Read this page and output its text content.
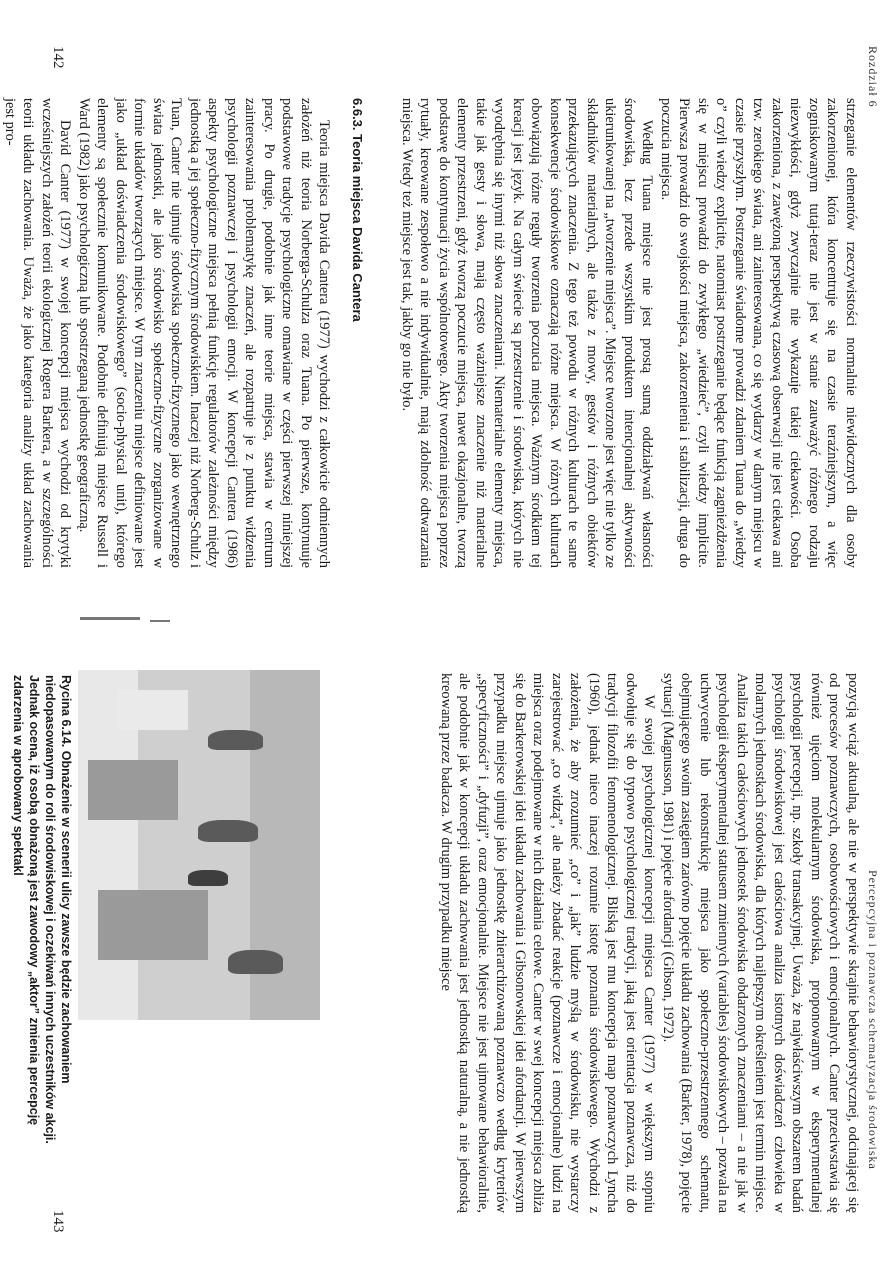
Rozdział 6

strzeganie elementów rzeczywistości normalnie niewidocznych dla osoby zakorzenionej, która koncentruje się na czasie teraźniejszym, a więc zogniskowanym tutaj-teraz nie jest w stanie zauważyć różnego rodzaju niezwykłości, gdyż zwyczajnie nie wykazuje takiej ciekawości. Osoba zakorzeniona, z zawężoną perspektywą czasową obserwacji nie jest ciekawa ani tzw. zerokiego świata, ani zainteresowana, co się wydarzy w danym miejscu w czasie przyszłym. Postrzeganie świadome prowadzi zdaniem Tuana do „wiedzy o” czyli wiedzy explicite, natomiast postrzeganie będące funkcją zagnieżdżenia się w miejscu prowadzi do zwykłego „wiedzieć”, czyli wiedzy implicite. Pierwsza prowadzi do swojskości miejsca, zakorzenienia i stabilizacji, druga do poczucia miejsca.

Według Tuana miejsce nie jest prostą sumą oddziaływań własności środowiska, lecz przede wszystkim produktem intencjonalnej aktywności ukierunkowanej na „tworzenie miejsca”. Miejsce tworzone jest więc nie tylko ze składników materialnych, ale także z mowy, gestów i różnych obiektów przekazujących znaczenia. Z tego też powodu w różnych kulturach te same konsekwencje środowiskowe oznaczają różne miejsca. W różnych kulturach obowiązują różne reguły tworzenia poczucia miejsca. Ważnym środkiem tej kreacji jest język. Na całym świecie są przestrzenie i środowiska, których nie wyodrębnia się inymi niż słowa znaczeniami. Niematerialne elementy miejsca, takie jak gesty i słowa, mają często ważniejsze znaczenie niż materialne elementy przestrzeni, gdyż tworzą poczucie miejsca, nawet okazjonalne, tworzą podstawę do kontynuacji życia wspólnotowego. Akty tworzenia miejsca poprzez rytuały, kreowane zespołowo a nie indywidualnie, mają zdolność odtwarzania miejsca. Wtedy też miejsce jest tak, jakby go nie było.

6.6.3. Teoria miejsca Davida Cantera

Teoria miejsca Davida Cantera (1977) wychodzi z całkowicie odmiennych założeń niż teoria Norberga-Schulza oraz Tuana. Po pierwsze, kontynuuje podstawowe tradycje psychologiczne omawiane w części pierwszej niniejszej pracy. Po drugie, podobnie jak inne teorie miejsca, stawia w centrum zainteresowania problematykę znaczeń, ale rozpatruje je z punktu widzenia psychologii poznawczej i psychologii emocji. W koncepcji Cantera (1986) aspekty psychologiczne miejsca pełnią funkcję regulatorów zależności między jednostką a jej społeczno-fizycznym środowiskiem. Inaczej niż Norberg-Schulz i Tuan, Canter nie ujmuje środowiska społeczno-fizycznego jako wewnętrznego świata jednostki, ale jako środowisko społeczno-fizyczne zorganizowane w formie układów tworzących miejsce. W tym znaczeniu miejsce definiowane jest jako „układ doświadczenia środowiskowego” (socio-physical unit), którego elementy są społecznie komunikowane. Podobnie definiują miejsce Russell i Ward (1982) jako psychologiczną lub spostrzeganą jednostkę geograficzną.

David Canter (1977) w swojej koncepcji miejsca wychodzi od krytyki wcześniejszych założeń teorii ekologicznej Rogera Barkera, a w szczególności teorii układu zachowania. Uważa, że jako kategoria analizy układ zachowania jest pro-

142
Percepcyjna i poznawcza schematyzacja środowiska

pozycją wciąż aktualną, ale nie w perspektywie skrajnie behawiorystycznej, odcinającej się od procesów poznawczych, osobowościowych i emocjonalnych. Canter przeciwstawia się również ujęciom molekularnym środowiska, proponowanym w eksperymentalnej psychologii percepcji, np. szkoły transakcyjnej. Uważa, że najwłaściwszym obszarem badań psychologii środowiskowej jest całościowa analiza istotnych doświadczeń człowieka w molarnych jednostkach środowiska, dla których najlepszym określeniem jest termin miejsce. Analiza takich całościowych jednostek środowiska obdarzonych znaczeniami – a nie jak w psychologii eksperymentalnej statusem zmiennych (variables) środowiskowych – pozwala na uchwycenie lub rekonstrukcję miejsca jako społeczno-przestrzennego schematu, obejmującego swoim zasięgiem zarówno pojęcie układu zachowania (Barker, 1978), pojęcie sytuacji (Magnusson, 1981) i pojęcie afordancji (Gibson, 1972).

W swojej psychologicznej koncepcji miejsca Canter (1977) w większym stopniu odwołuje się do typowo psychologicznej tradycji, jaką jest orientacja poznawcza, niż do tradycji filozofii fenomenologicznej. Bliską jest mu koncepcja map poznawczych Lyncha (1960), jednak nieco inaczej rozumie istotę poznania środowiskowego. Wychodzi z założenia, że aby zrozumieć „co” i „jak” ludzie myślą w środowisku, nie wystarczy zarejestrować „co widzą”, ale należy zbadać reakcje (poznawcze i emocjonalne) ludzi na miejsca oraz podejmowane w nich działania celowe. Canter w swej koncepcji miejsca zbliża się do Barkerowskiej idei układu zachowania i Gibsonowskiej idei afordancji. W pierwszym przypadku miejsce ujmuje jako jednostkę zhierarchizowaną poznawczo według kryteriów „specyficzności” i „dyfuzji”, oraz emocjonalnie. Miejsce nie jest ujmowane behawioralnie, ale podobnie jak w koncepcji układu zachowania jest jednostką naturalną, a nie jednostką kreowaną przez badacza. W drugim przypadku miejsce

Rycina 6.14. Obnażenie w scenerii ulicy zawsze będzie zachowaniem niedopasowanym do roli środowiskowej i oczekiwań innych uczestników akcji. Jednak ocena, iż osobą obnażoną jest zawodowy „aktor” zmienia percepcję zdarzenia w aprobowany spektakl
143
